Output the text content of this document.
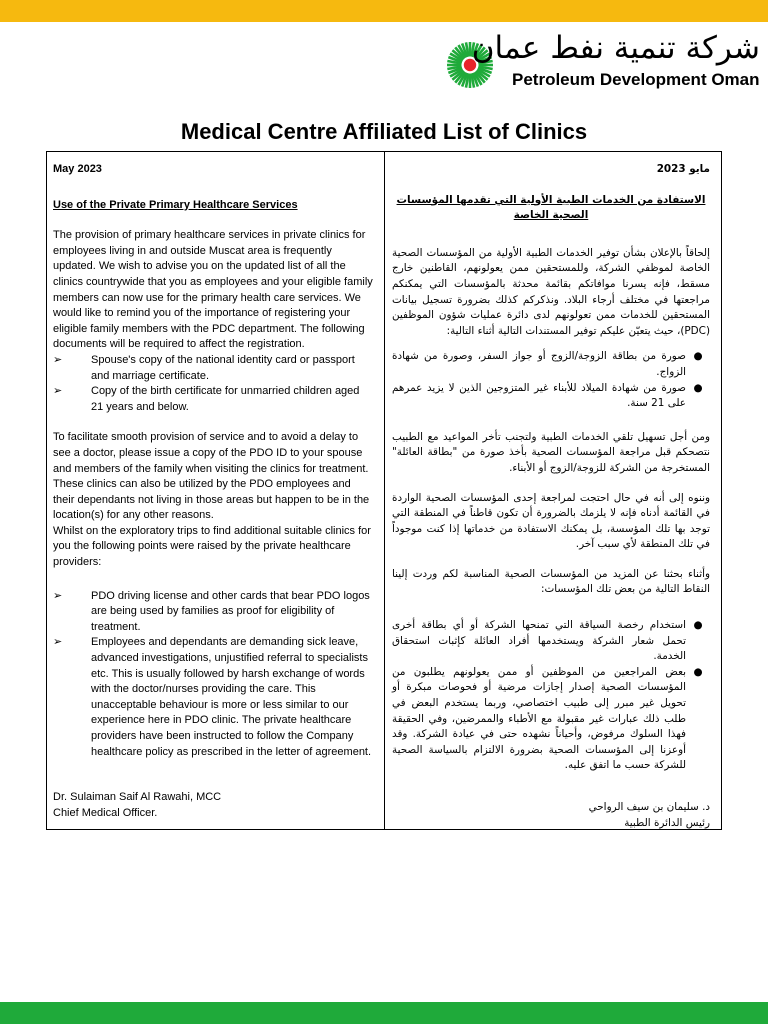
شركة تنمية نفط عمان
Petroleum Development Oman
Medical Centre Affiliated List of Clinics

May 2023

Use of the Private Primary Healthcare Services

The provision of primary healthcare services in private clinics for employees living in and outside Muscat area is frequently updated. We wish to advise you on the updated list of all the clinics countrywide that you as employees and your eligible family members can now use for the primary health care services. We would like to remind you of the importance of registering your eligible family members with the PDC department. The following documents will be required to affect the registration.

➢	Spouse's copy of the national identity card or passport and marriage certificate.
➢	Copy of the birth certificate for unmarried children aged 21 years and below.

To facilitate smooth provision of service and to avoid a delay to see a doctor, please issue a copy of the PDO ID to your spouse and members of the family when visiting the clinics for treatment.

These clinics can also be utilized by the PDO employees and their dependants not living in those areas but happen to be in the location(s) for any other reasons.

Whilst on the exploratory trips to find additional suitable clinics for you the following points were raised by the private healthcare providers:

➢	PDO driving license and other cards that bear PDO logos are being used by families as proof for eligibility of treatment.
➢	Employees and dependants are demanding sick leave, advanced investigations, unjustified referral to specialists etc. This is usually followed by harsh exchange of words with the doctor/nurses providing the care. This unacceptable behaviour is more or less similar to our experience here in PDO clinic. The private healthcare providers have been instructed to follow the Company healthcare policy as prescribed in the letter of agreement.

Dr. Sulaiman Saif Al Rawahi, MCC

Chief Medical Officer.

مايو 2023

الاستفادة من الخدمات الطبية الأولية التي تقدمها المؤسسات الصحية الخاصة

إلحاقاً بالإعلان بشأن توفير الخدمات الطبية الأولية من المؤسسات الصحية الخاصة لموظفي الشركة، وللمستحقين ممن يعولونهم، القاطنين خارج مسقط، فإنه يسرنا موافاتكم بقائمة محدثة بالمؤسسات التي يمكنكم مراجعتها في مختلف أرجاء البلاد. ونذكركم كذلك بضرورة تسجيل بيانات المستحقين للخدمات ممن تعولونهم لدى دائرة عمليات شؤون الموظفين (PDC)، حيث يتعيّن عليكم توفير المستندات التالية أثناء التالية:

●
صورة من بطاقة الزوجة/الزوج أو جواز السفر، وصورة من شهادة الزواج.
●
صورة من شهادة الميلاد للأبناء غير المتزوجين الذين لا يزيد عمرهم على 21 سنة.

ومن أجل تسهيل تلقي الخدمات الطبية ولتجنب تأخر المواعيد مع الطبيب نتصحكم قبل مراجعة المؤسسات الصحية بأخذ صورة من "بطاقة العائلة" المستخرجة من الشركة للزوجة/الزوج أو الأبناء.

وننوه إلى أنه في حال احتجت لمراجعة إحدى المؤسسات الصحية الواردة في القائمة أدناه فإنه لا يلزمك بالضرورة أن تكون قاطناً في المنطقة التي توجد بها تلك المؤسسة، بل يمكنك الاستفادة من خدماتها إذا كنت موجوداً في تلك المنطقة لأي سبب آخر.

وأثناء بحثنا عن المزيد من المؤسسات الصحية المناسبة لكم وردت إلينا النقاط التالية من بعض تلك المؤسسات:

●
استخدام رخصة السياقة التي تمنحها الشركة أو أي بطاقة أخرى تحمل شعار الشركة ويستخدمها أفراد العائلة كإثبات استحقاق الخدمة.
●
بعض المراجعين من الموظفين أو ممن يعولونهم يطلبون من المؤسسات الصحية إصدار إجازات مرضية أو فحوصات مبكرة أو تحويل غير مبرر إلى طبيب اختصاصي، وربما يستخدم البعض في طلب ذلك عبارات غير مقبولة مع الأطباء والممرضين، وفي الحقيقة فهذا السلوك مرفوض، وأحياناً نشهده حتى في عيادة الشركة. وقد أوعزنا إلى المؤسسات الصحية بضرورة الالتزام بالسياسة الصحية للشركة حسب ما اتفق عليه.

د. سليمان بن سيف الرواحي

رئيس الدائرة الطبية
